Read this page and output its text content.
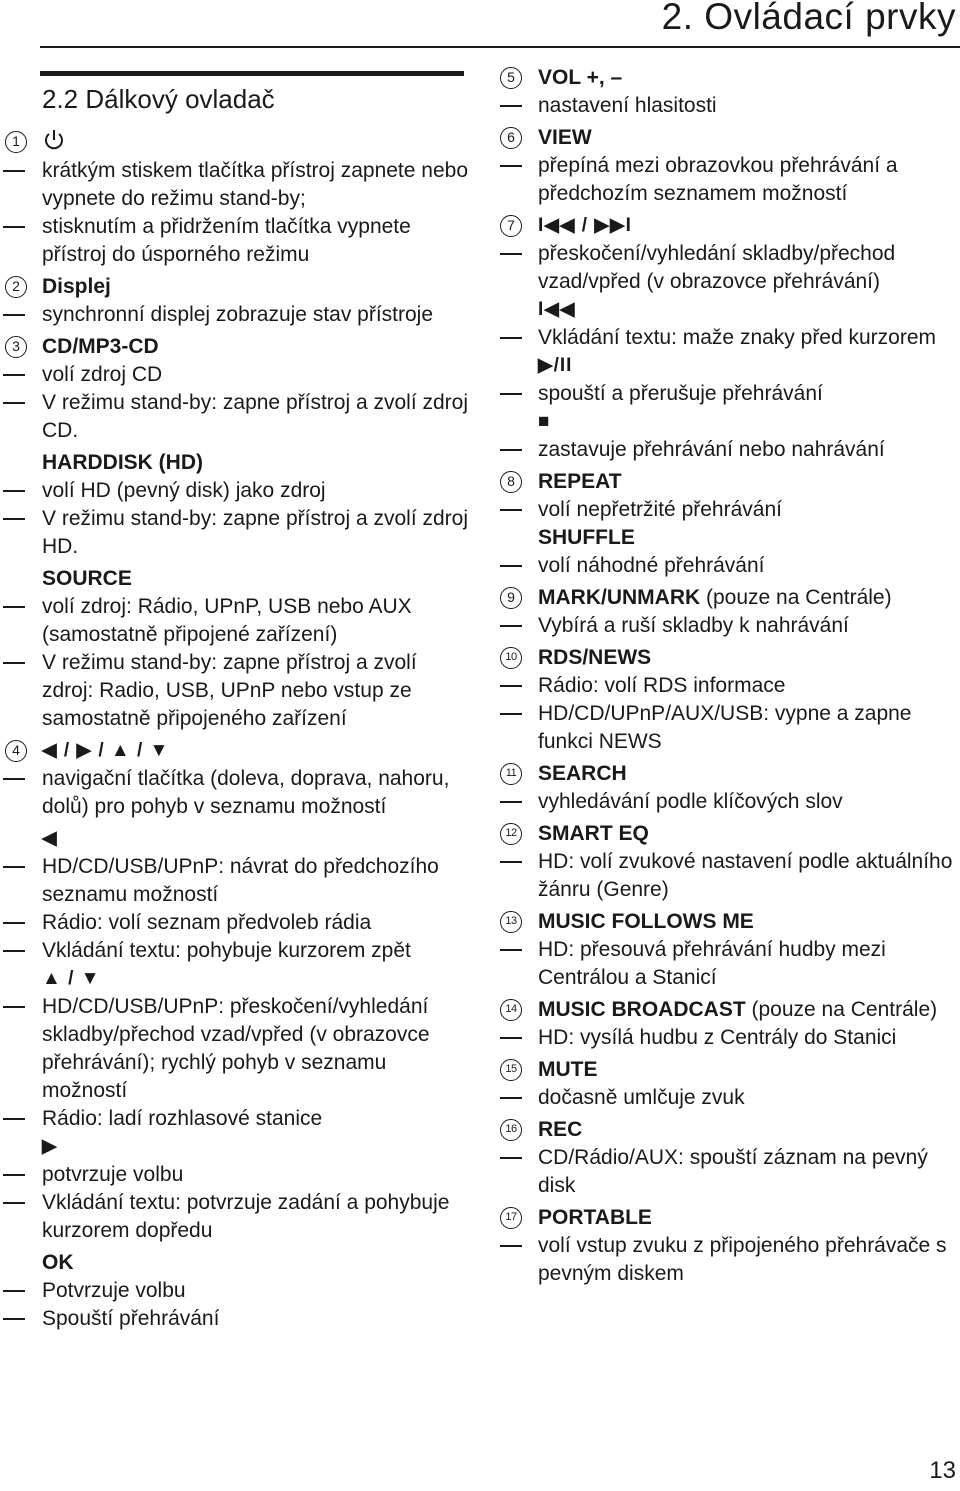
2. Ovládací prvky
2.2 Dálkový ovladač
1
krátkým stiskem tlačítka přístroj zapnete nebo vypnete do režimu stand-by;
stisknutím a přidržením tlačítka vypnete přístroj do úsporného režimu
2	Displej
synchronní displej zobrazuje stav přístroje
3	CD/MP3-CD
volí zdroj CD
V režimu stand-by: zapne přístroj a zvolí zdroj CD.
HARDDISK (HD)
volí HD (pevný disk) jako zdroj
V režimu stand-by: zapne přístroj a zvolí zdroj HD.
SOURCE
volí zdroj: Rádio, UPnP, USB nebo AUX (samostatně připojené zařízení)
V režimu stand-by: zapne přístroj a zvolí zdroj: Radio, USB, UPnP nebo vstup ze samostatně připojeného zařízení
4	◀ / ▶ / ▲ / ▼
navigační tlačítka (doleva, doprava, nahoru, dolů) pro pohyb v seznamu možností
◀
HD/CD/USB/UPnP: návrat do předchozího seznamu možností
Rádio: volí seznam předvoleb rádia
Vkládání textu: pohybuje kurzorem zpět
▲ / ▼
HD/CD/USB/UPnP: přeskočení/vyhledání skladby/přechod vzad/vpřed (v obrazovce přehrávání); rychlý pohyb v seznamu možností
Rádio: ladí rozhlasové stanice
▶
potvrzuje volbu
Vkládání textu: potvrzuje zadání a pohybuje kurzorem dopředu
OK
Potvrzuje volbu
Spouští přehrávání
5	VOL +, –
nastavení hlasitosti
6	VIEW
přepíná mezi obrazovkou přehrávání a předchozím seznamem možností
7	I◀◀ / ▶▶I
přeskočení/vyhledání skladby/přechod vzad/vpřed (v obrazovce přehrávání)
I◀◀
Vkládání textu: maže znaky před kurzorem
▶/II
spouští a přerušuje přehrávání
■
zastavuje přehrávání nebo nahrávání
8	REPEAT
volí nepřetržité přehrávání
SHUFFLE
volí náhodné přehrávání
9	MARK/UNMARK (pouze na Centrále)
Vybírá a ruší skladby k nahrávání
10 RDS/NEWS
Rádio: volí RDS informace
HD/CD/UPnP/AUX/USB: vypne a zapne funkci NEWS
11 SEARCH
vyhledávání podle klíčových slov
12 SMART EQ
HD: volí zvukové nastavení podle aktuálního žánru (Genre)
13 MUSIC FOLLOWS ME
HD: přesouvá přehrávání hudby mezi Centrálou a Stanicí
14 MUSIC BROADCAST (pouze na Centrále)
HD: vysílá hudbu z Centrály do Stanici
15 MUTE
dočasně umlčuje zvuk
16 REC
CD/Rádio/AUX: spouští záznam na pevný disk
17 PORTABLE
volí vstup zvuku z připojeného přehrávače s pevným diskem
13
